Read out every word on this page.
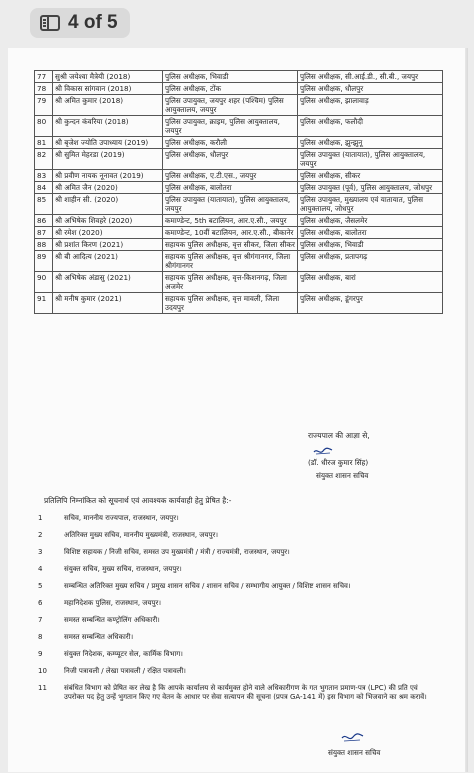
4 of 5
77	सुश्री जयेश्वा मैत्रेयी (2018)	पुलिस अधीक्षक, भिवाडी	पुलिस अधीक्षक, सी.आई.डी., सी.बी., जयपुर
78	श्री विकास सांगवान (2018)	पुलिस अधीक्षक, टोंक	पुलिस अधीक्षक, धौलपुर
79	श्री अमित कुमार (2018)	पुलिस उपायुक्त, जयपुर शहर (पश्चिम) पुलिस आयुक्तालय, जयपुर	पुलिस अधीक्षक, झालावाड़
80	श्री कुन्दन कंवरिया (2018)	पुलिस उपायुक्त, क्राइम, पुलिस आयुक्तालय, जयपुर	पुलिस अधीक्षक, फलौदी
81	श्री बृजेश ज्योति उपाध्याय (2019)	पुलिस अधीक्षक, करौली	पुलिस अधीक्षक, झुन्झुनू
82	श्री सुमित मेहरडा (2019)	पुलिस अधीक्षक, धौलपुर	पुलिस उपायुक्त (यातायात), पुलिस आयुक्तालय, जयपुर
83	श्री प्रवीण नायक नूनावत (2019)	पुलिस अधीक्षक, ए.टी.एस., जयपुर	पुलिस अधीक्षक, सीकर
84	श्री अमित जैन (2020)	पुलिस अधीक्षक, बालोतरा	पुलिस उपायुक्त (पूर्व), पुलिस आयुक्तालय, जोधपुर
85	श्री शाहीन सी. (2020)	पुलिस उपायुक्त (यातायात), पुलिस आयुक्तालय, जयपुर	पुलिस उपायुक्त, मुख्यालय एवं यातायात, पुलिस आयुक्तालय, जोधपुर
86	श्री अभिषेक शिवहरे (2020)	कमाण्डेन्ट, 5th बटालियन, आर.ए.सी., जयपुर	पुलिस अधीक्षक, जैसलमेर
87	श्री रमेश (2020)	कमाण्डेन्ट, 10वीं बटालियन, आर.ए.सी., बीकानेर	पुलिस अधीक्षक, बालोतरा
88	श्री प्रशांत किरण (2021)	सहायक पुलिस अधीक्षक, वृत्त सीकर, जिला सीकर	पुलिस अधीक्षक, भिवाडी
89	श्री बी आदित्य (2021)	सहायक पुलिस अधीक्षक, वृत्त श्रीगंगानगर, जिला श्रीगंगानगर	पुलिस अधीक्षक, प्रतापगढ़
90	श्री अभिषेक अंडासु (2021)	सहायक पुलिस अधीक्षक, वृत्त-किशनगढ़, जिला अजमेर	पुलिस अधीक्षक, बारां
91	श्री मनीष कुमार (2021)	सहायक पुलिस अधीक्षक, वृत्त मावली, जिला उदयपुर	पुलिस अधीक्षक, डूंगरपुर
राज्यपाल की आज्ञा से,
(डॉ. धीरज कुमार सिंह)
संयुक्त शासन सचिव
प्रतिलिपि निम्नांकित को सूचनार्थ एवं आवश्यक कार्यवाही हेतु प्रेषित है:-
1	सचिव, माननीय राज्यपाल, राजस्थान, जयपुर।
2	अतिरिक्त मुख्य सचिव, माननीय मुख्यमंत्री, राजस्थान, जयपुर।
3	विशिष्ट सहायक / निजी सचिव, समस्त उप मुख्यमंत्री / मंत्री / राज्यमंत्री, राजस्थान, जयपुर।
4	संयुक्त सचिव, मुख्य सचिव, राजस्थान, जयपुर।
5	सम्बन्धित अतिरिक्त मुख्य सचिव / प्रमुख शासन सचिव / शासन सचिव / सम्भागीय आयुक्त / विशिष्ट शासन सचिव।
6	महानिदेशक पुलिस, राजस्थान, जयपुर।
7	समस्त सम्बन्धित कण्ट्रोलिंग अधिकारी।
8	समस्त सम्बन्धित अधिकारी।
9	संयुक्त निदेशक, कम्प्यूटर सेल, कार्मिक विभाग।
10	निजी पत्रावली / लेखा पत्रावली / रक्षित पत्रावली।
11	संबंधित विभाग को प्रेषित कर लेख है कि आपके कार्यालय से कार्यमुक्त होने वाले अधिकारीगण के गत भुगतान प्रमाण-पत्र (LPC) की प्रति एवं उपरोक्त पद हेतु उन्हें भुगतान किए गए वेतन के आधार पर सेवा सत्यापन की सूचना (प्रपत्र GA-141 में) इस विभाग को भिजवाने का श्रम करावें।
संयुक्त शासन सचिव
